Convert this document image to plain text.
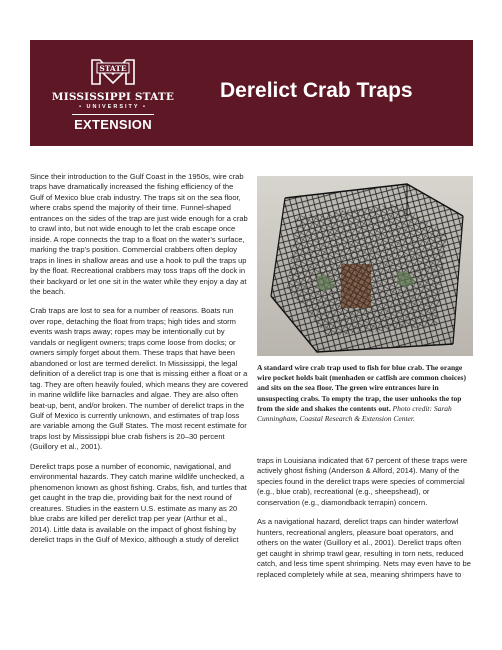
STATE
MISSISSIPPI STATE
• UNIVERSITY •
EXTENSION
Derelict Crab Traps

Since their introduction to the Gulf Coast in the 1950s, wire crab traps have dramatically increased the fishing efficiency of the Gulf of Mexico blue crab industry. The traps sit on the sea floor, where crabs spend the majority of their time. Funnel-shaped entrances on the sides of the trap are just wide enough for a crab to crawl into, but not wide enough to let the crab escape once inside. A rope connects the trap to a float on the water’s surface, marking the trap’s position. Commercial crabbers often deploy traps in lines in shallow areas and use a hook to pull the traps up by the float. Recreational crabbers may toss traps off the dock in their backyard or let one sit in the water while they enjoy a day at the beach.

Crab traps are lost to sea for a number of reasons. Boats run over rope, detaching the float from traps; high tides and storm events wash traps away; ropes may be intentionally cut by vandals or negligent owners; traps come loose from docks; or owners simply forget about them. These traps that have been abandoned or lost are termed derelict. In Mississippi, the legal definition of a derelict trap is one that is missing either a float or a tag. They are often heavily fouled, which means they are covered in marine wildlife like barnacles and algae. They are also often beat-up, bent, and/or broken. The number of derelict traps in the Gulf of Mexico is currently unknown, and estimates of trap loss are variable among the Gulf States. The most recent estimate for traps lost by Mississippi blue crab fishers is 20–30 percent (Guillory et al., 2001).

Derelict traps pose a number of economic, navigational, and environmental hazards. They catch marine wildlife unchecked, a phenomenon known as ghost fishing. Crabs, fish, and turtles that get caught in the trap die, providing bait for the next round of creatures. Studies in the eastern U.S. estimate as many as 20 blue crabs are killed per derelict trap per year (Arthur et al., 2014). Little data is available on the impact of ghost fishing by derelict traps in the Gulf of Mexico, although a study of derelict

A standard wire crab trap used to fish for blue crab. The orange wire pocket holds bait (menhaden or catfish are common choices) and sits on the sea floor. The green wire entrances lure in unsuspecting crabs. To empty the trap, the user unhooks the top from the side and shakes the contents out. Photo credit: Sarah Cunningham, Coastal Research & Extension Center.

traps in Louisiana indicated that 67 percent of these traps were actively ghost fishing (Anderson & Alford, 2014). Many of the species found in the derelict traps were species of commercial (e.g., blue crab), recreational (e.g., sheepshead), or conservation (e.g., diamondback terrapin) concern.

As a navigational hazard, derelict traps can hinder waterfowl hunters, recreational anglers, pleasure boat operators, and others on the water (Guillory et al., 2001). Derelict traps often get caught in shrimp trawl gear, resulting in torn nets, reduced catch, and less time spent shrimping. Nets may even have to be replaced completely while at sea, meaning shrimpers have to
